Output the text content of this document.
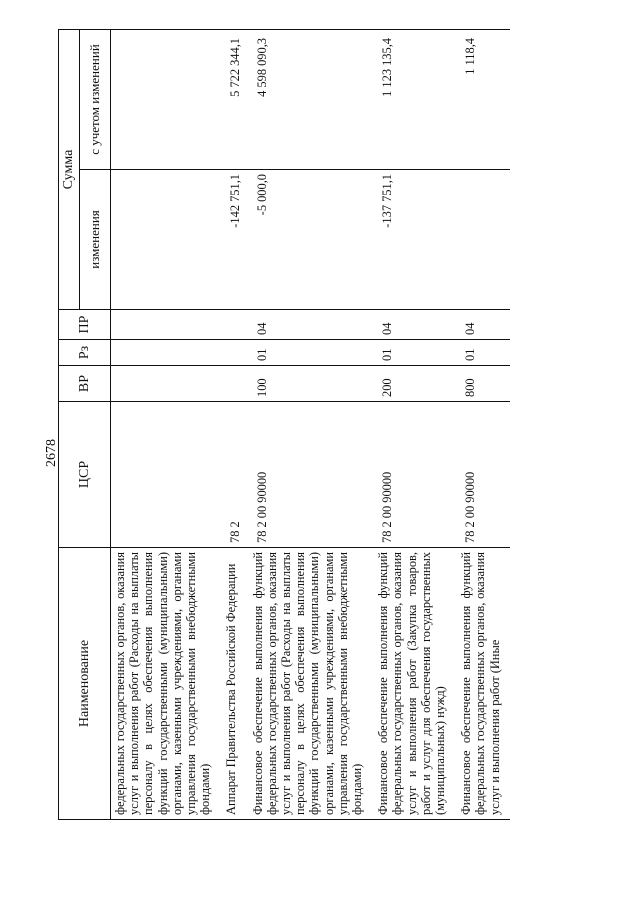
2678
Наименование	ЦСР	ВР	Рз	ПР	Сумма	
					изменения	с учетом изменений
федеральных государственных органов, оказания услуг и выполнения работ (Расходы на выплаты персоналу в целях обеспечения выполнения функций государственными (муниципальными) органами, казенными учреждениями, органами управления государственными внебюджетными фондами)						
Аппарат Правительства Российской Федерации	78 2				-142 751,1	5 722 344,1
Финансовое обеспечение выполнения функций федеральных государственных органов, оказания услуг и выполнения работ (Расходы на выплаты персоналу в целях обеспечения выполнения функций государственными (муниципальными) органами, казенными учреждениями, органами управления государственными внебюджетными фондами)	78 2 00 90000	100	01	04	-5 000,0	4 598 090,3
Финансовое обеспечение выполнения функций федеральных государственных органов, оказания услуг и выполнения работ (Закупка товаров, работ и услуг для обеспечения государственных (муниципальных) нужд)	78 2 00 90000	200	01	04	-137 751,1	1 123 135,4
Финансовое обеспечение выполнения функций федеральных государственных органов, оказания услуг и выполнения работ (Иные	78 2 00 90000	800	01	04		1 118,4
